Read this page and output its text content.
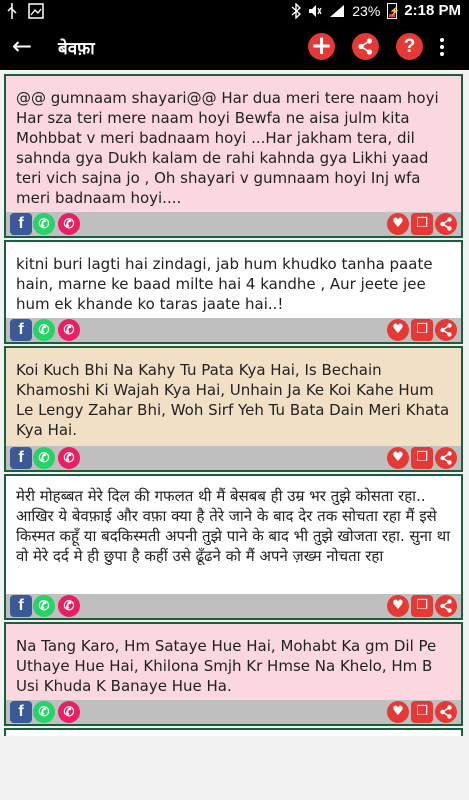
23% ⚡ 2:18 PM
← बेवफ़ा	+	?
@@ gumnaam shayari@@ Har dua meri tere naam hoyi Har sza teri mere naam hoyi Bewfa ne aisa julm kita Mohbbat v meri badnaam hoyi ...Har jakham tera, dil sahnda gya Dukh kalam de rahi kahnda gya Likhi yaad teri vich sajna jo , Oh shayari v gumnaam hoyi Inj wfa meri badnaam hoyi....
f	✆	✆	♥ ❐
kitni buri lagti hai zindagi, jab hum khudko tanha paate hain, marne ke baad milte hai 4 kandhe , Aur jeete jee hum ek khande ko taras jaate hai..!
f	✆	✆	♥ ❐
Koi Kuch Bhi Na Kahy Tu Pata Kya Hai, Is Bechain Khamoshi Ki Wajah Kya Hai, Unhain Ja Ke Koi Kahe Hum Le Lengy Zahar Bhi, Woh Sirf Yeh Tu Bata Dain Meri Khata Kya Hai.
f	✆	✆	♥ ❐
मेरी मोहब्बत मेरे दिल की गफलत थी मैं बेसबब ही उम्र भर तुझे कोसता रहा.. आखिर ये बेवफ़ाई और वफ़ा क्या है तेरे जाने के बाद देर तक सोचता रहा मैं इसे किस्मत कहूँ या बदकिस्मती अपनी तुझे पाने के बाद भी तुझे खोजता रहा. सुना था वो मेरे दर्द मे ही छुपा है कहीं उसे ढूँढने को मैं अपने ज़ख्म नोचता रहा
f	✆	✆	♥ ❐
Na Tang Karo, Hm Sataye Hue Hai, Mohabt Ka gm Dil Pe Uthaye Hue Hai, Khilona Smjh Kr Hmse Na Khelo, Hm B Usi Khuda K Banaye Hue Ha.
f	✆	✆	♥ ❐
